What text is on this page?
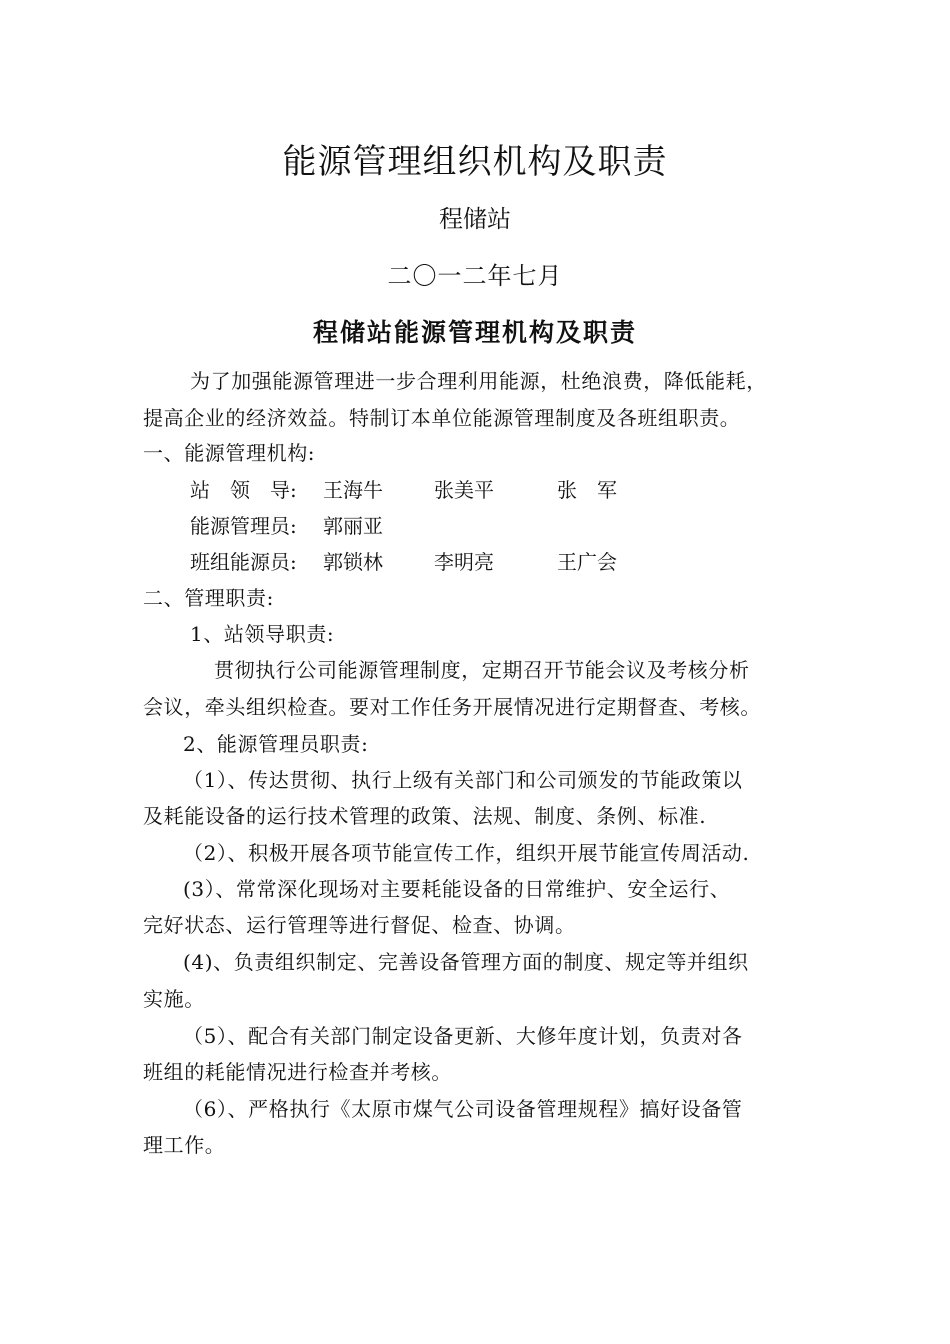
能源管理组织机构及职责
程储站
二〇一二年七月
程储站能源管理机构及职责
为了加强能源管理进一步合理利用能源，杜绝浪费，降低能耗，
提高企业的经济效益。特制订本单位能源管理制度及各班组职责。
一、能源管理机构:
站　领　导: 王海牛	张美平	张　军
能源管理员: 郭丽亚
班组能源员: 郭锁林	李明亮	王广会
二、管理职责:
1、站领导职责:
贯彻执行公司能源管理制度，定期召开节能会议及考核分析
会议，牵头组织检查。要对工作任务开展情况进行定期督查、考核。
2、能源管理员职责:
（1）、传达贯彻、执行上级有关部门和公司颁发的节能政策以
及耗能设备的运行技术管理的政策、法规、制度、条例、标准.
（2）、积极开展各项节能宣传工作，组织开展节能宣传周活动.
(3）、常常深化现场对主要耗能设备的日常维护、安全运行、
完好状态、运行管理等进行督促、检查、协调。
(4)、负责组织制定、完善设备管理方面的制度、规定等并组织
实施。
（5）、配合有关部门制定设备更新、大修年度计划，负责对各
班组的耗能情况进行检查并考核。
（6）、严格执行《太原市煤气公司设备管理规程》搞好设备管
理工作。
